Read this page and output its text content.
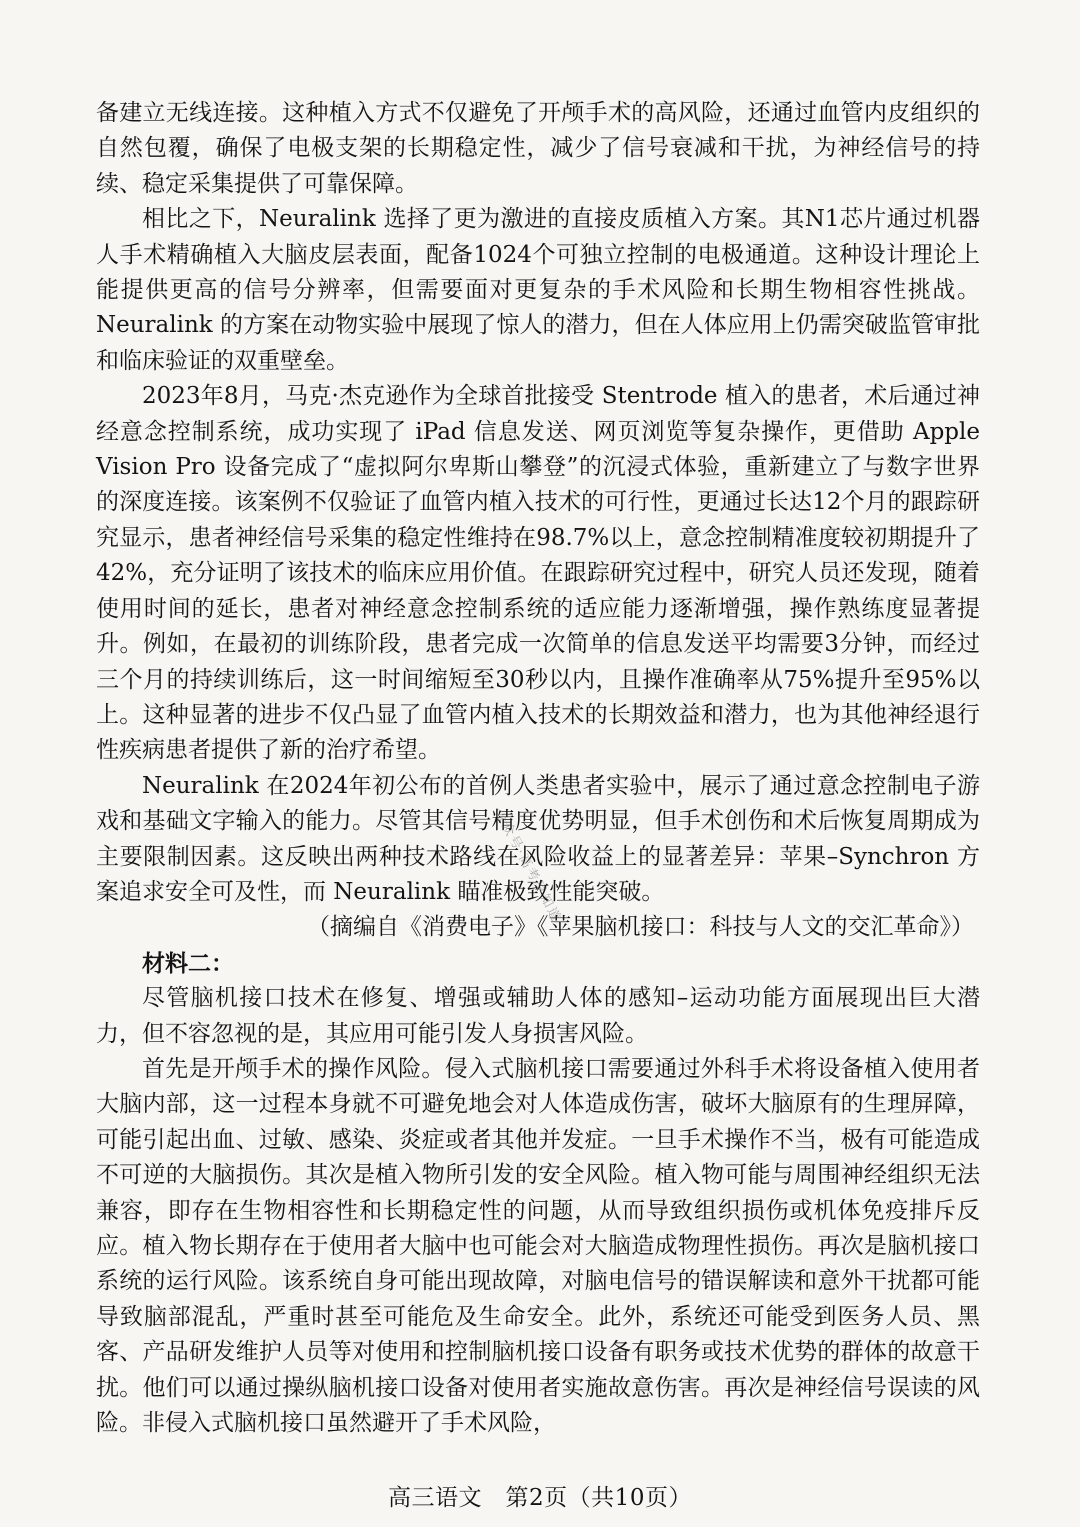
备建立无线连接。这种植入方式不仅避免了开颅手术的高风险，还通过血管内皮组织的自然包覆，确保了电极支架的长期稳定性，减少了信号衰减和干扰，为神经信号的持续、稳定采集提供了可靠保障。

相比之下，Neuralink 选择了更为激进的直接皮质植入方案。其N1芯片通过机器人手术精确植入大脑皮层表面，配备1024个可独立控制的电极通道。这种设计理论上能提供更高的信号分辨率，但需要面对更复杂的手术风险和长期生物相容性挑战。Neuralink 的方案在动物实验中展现了惊人的潜力，但在人体应用上仍需突破监管审批和临床验证的双重壁垒。

2023年8月，马克·杰克逊作为全球首批接受 Stentrode 植入的患者，术后通过神经意念控制系统，成功实现了 iPad 信息发送、网页浏览等复杂操作，更借助 Apple Vision Pro 设备完成了“虚拟阿尔卑斯山攀登”的沉浸式体验，重新建立了与数字世界的深度连接。该案例不仅验证了血管内植入技术的可行性，更通过长达12个月的跟踪研究显示，患者神经信号采集的稳定性维持在98.7%以上，意念控制精准度较初期提升了42%，充分证明了该技术的临床应用价值。在跟踪研究过程中，研究人员还发现，随着使用时间的延长，患者对神经意念控制系统的适应能力逐渐增强，操作熟练度显著提升。例如，在最初的训练阶段，患者完成一次简单的信息发送平均需要3分钟，而经过三个月的持续训练后，这一时间缩短至30秒以内，且操作准确率从75%提升至95%以上。这种显著的进步不仅凸显了血管内植入技术的长期效益和潜力，也为其他神经退行性疾病患者提供了新的治疗希望。

Neuralink 在2024年初公布的首例人类患者实验中，展示了通过意念控制电子游戏和基础文字输入的能力。尽管其信号精度优势明显，但手术创伤和术后恢复周期成为主要限制因素。这反映出两种技术路线在风险收益上的显著差异：苹果–Synchron 方案追求安全可及性，而 Neuralink 瞄准极致性能突破。

（摘编自《消费电子》《苹果脑机接口：科技与人文的交汇革命》）

材料二：

尽管脑机接口技术在修复、增强或辅助人体的感知–运动功能方面展现出巨大潜力，但不容忽视的是，其应用可能引发人身损害风险。

首先是开颅手术的操作风险。侵入式脑机接口需要通过外科手术将设备植入使用者大脑内部，这一过程本身就不可避免地会对人体造成伤害，破坏大脑原有的生理屏障，可能引起出血、过敏、感染、炎症或者其他并发症。一旦手术操作不当，极有可能造成不可逆的大脑损伤。其次是植入物所引发的安全风险。植入物可能与周围神经组织无法兼容，即存在生物相容性和长期稳定性的问题，从而导致组织损伤或机体免疫排斥反应。植入物长期存在于使用者大脑中也可能会对大脑造成物理性损伤。再次是脑机接口系统的运行风险。该系统自身可能出现故障，对脑电信号的错误解读和意外干扰都可能导致脑部混乱，严重时甚至可能危及生命安全。此外，系统还可能受到医务人员、黑客、产品研发维护人员等对使用和控制脑机接口设备有职务或技术优势的群体的故意干扰。他们可以通过操纵脑机接口设备对使用者实施故意伤害。再次是神经信号误读的风险。非侵入式脑机接口虽然避开了手术风险，

公众号·高考早知道
高三语文　第2页（共10页）
